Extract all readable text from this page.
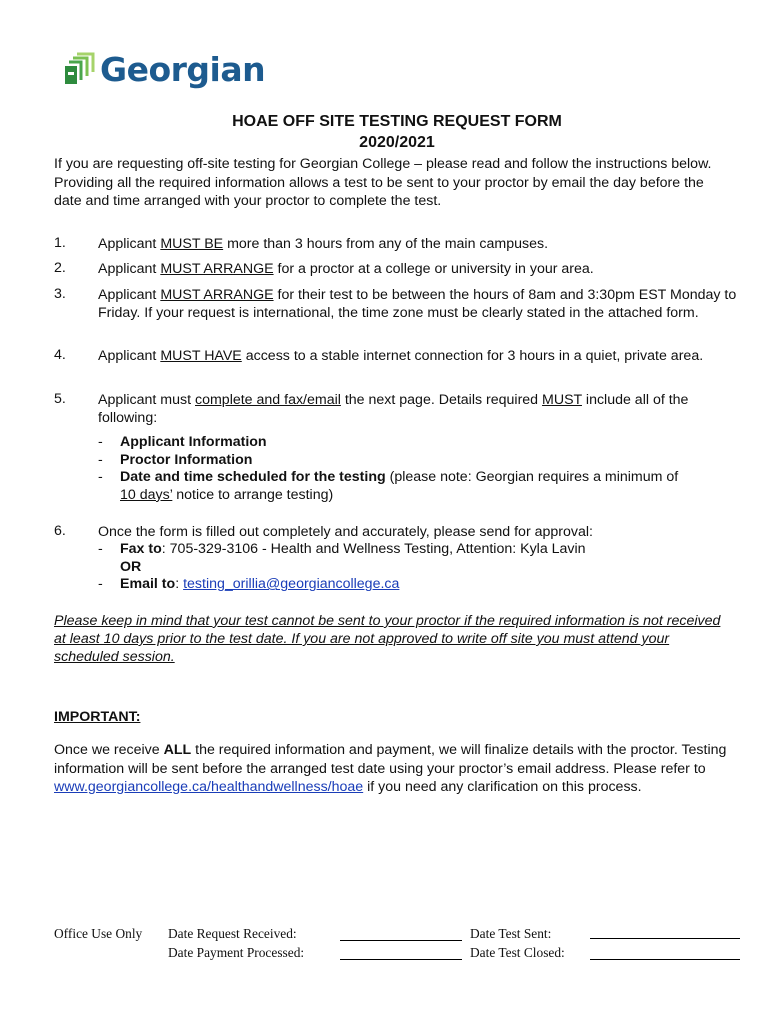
Georgian
HOAE OFF SITE TESTING REQUEST FORM
2020/2021
If you are requesting off-site testing for Georgian College – please read and follow the instructions below. Providing all the required information allows a test to be sent to your proctor by email the day before the date and time arranged with your proctor to complete the test.
1. Applicant MUST BE more than 3 hours from any of the main campuses.
2. Applicant MUST ARRANGE for a proctor at a college or university in your area.
3. Applicant MUST ARRANGE for their test to be between the hours of 8am and 3:30pm EST Monday to Friday. If your request is international, the time zone must be clearly stated in the attached form.
4. Applicant MUST HAVE access to a stable internet connection for 3 hours in a quiet, private area.
5. Applicant must complete and fax/email the next page. Details required MUST include all of the following:
- Applicant Information
- Proctor Information
- Date and time scheduled for the testing (please note: Georgian requires a minimum of
10 days’ notice to arrange testing)
6. Once the form is filled out completely and accurately, please send for approval:
- Fax to: 705-329-3106 - Health and Wellness Testing, Attention: Kyla Lavin
OR
- Email to: testing_orillia@georgiancollege.ca
Please keep in mind that your test cannot be sent to your proctor if the required information is not received at least 10 days prior to the test date. If you are not approved to write off site you must attend your scheduled session.
IMPORTANT:
Once we receive ALL the required information and payment, we will finalize details with the proctor. Testing information will be sent before the arranged test date using your proctor’s email address. Please refer to www.georgiancollege.ca/healthandwellness/hoae if you need any clarification on this process.
Office Use Only Date Request Received:
Date Payment Processed:
Date Test Sent:
Date Test Closed:
